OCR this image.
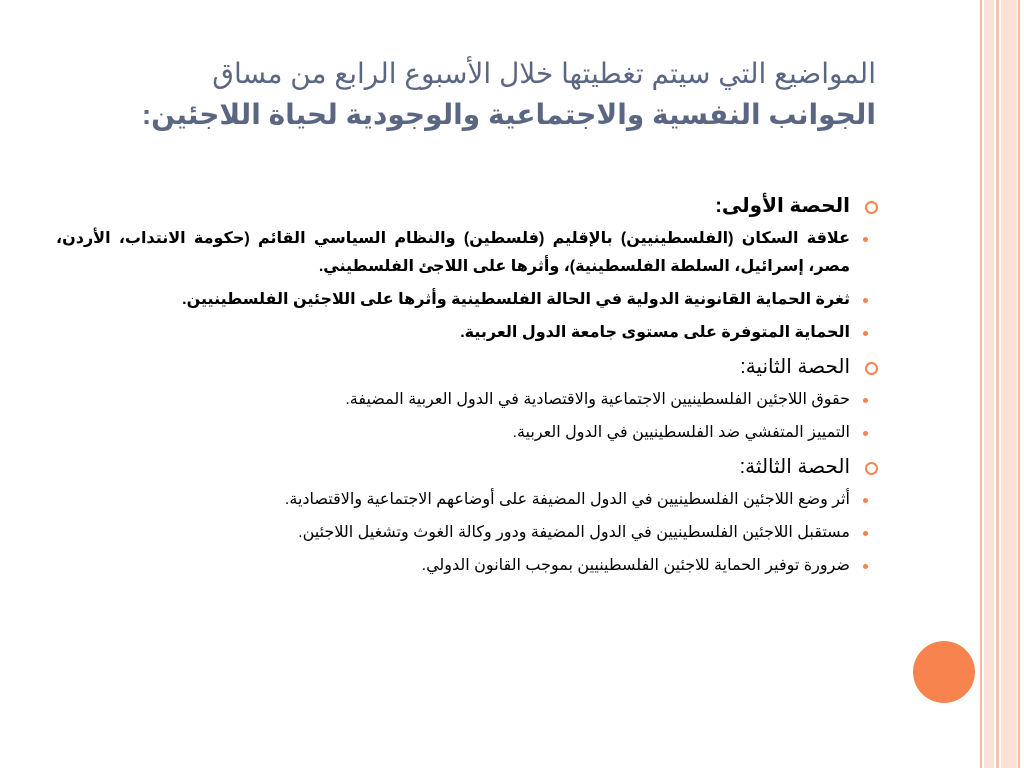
المواضيع التي سيتم تغطيتها خلال الأسبوع الرابع من مساق
الجوانب النفسية والاجتماعية والوجودية لحياة اللاجئين:
الحصة الأولى:
علاقة السكان (الفلسطينيين) بالإقليم (فلسطين) والنظام السياسي القائم (حكومة الانتداب، الأردن، مصر، إسرائيل، السلطة الفلسطينية)، وأثرها على اللاجئ الفلسطيني.
ثغرة الحماية القانونية الدولية في الحالة الفلسطينية وأثرها على اللاجئين الفلسطينيين.
الحماية المتوفرة على مستوى جامعة الدول العربية.
الحصة الثانية:
حقوق اللاجئين الفلسطينيين الاجتماعية والاقتصادية في الدول العربية المضيفة.
التمييز المتفشي ضد الفلسطينيين في الدول العربية.
الحصة الثالثة:
أثر وضع اللاجئين الفلسطينيين في الدول المضيفة على أوضاعهم الاجتماعية والاقتصادية.
مستقبل اللاجئين الفلسطينيين في الدول المضيفة ودور وكالة الغوث وتشغيل اللاجئين.
ضرورة توفير الحماية للاجئين الفلسطينيين بموجب القانون الدولي.
